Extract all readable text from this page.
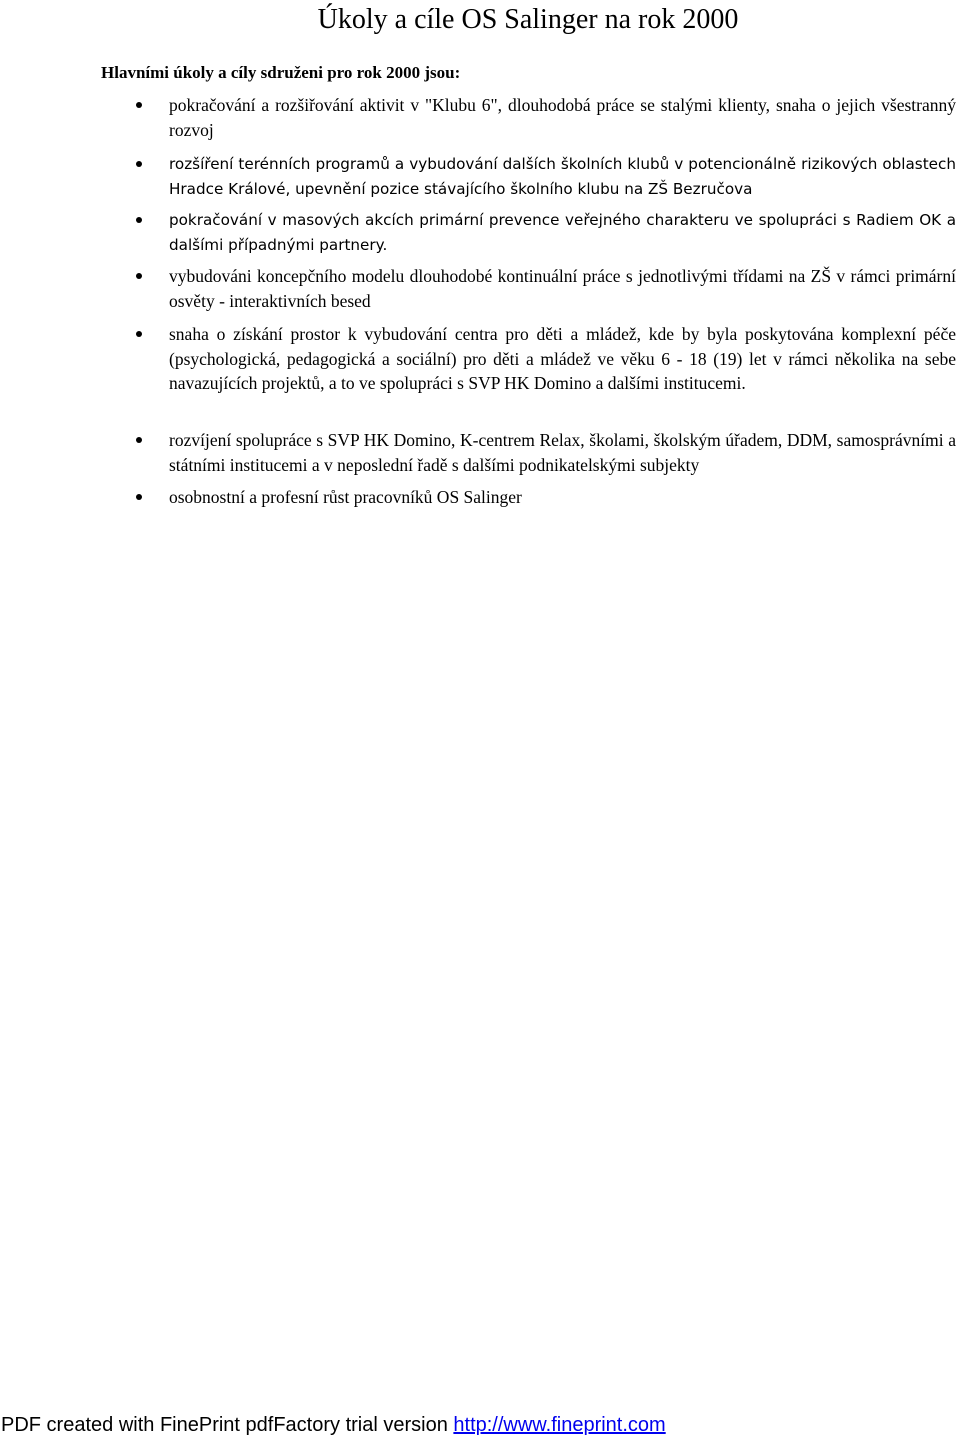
Úkoly a cíle OS Salinger na rok 2000

Hlavními úkoly a cíly sdruženi pro rok 2000 jsou:

pokračování a rozšiřování aktivit v "Klubu 6", dlouhodobá práce se stalými klienty, snaha o jejich všestranný rozvoj
rozšíření terénních programů a vybudování dalších školních klubů v potencionálně rizikových oblastech Hradce Králové, upevnění pozice stávajícího školního klubu na ZŠ Bezručova
pokračování v masových akcích primární prevence veřejného charakteru ve spolupráci s Radiem OK a dalšími případnými partnery.
vybudováni koncepčního modelu dlouhodobé kontinuální práce s jednotlivými třídami na ZŠ v rámci primární osvěty - interaktivních besed
snaha o získání prostor k vybudování centra pro děti a mládež, kde by byla poskytována komplexní péče (psychologická, pedagogická a sociální) pro děti a mládež ve věku 6 - 18 (19) let v rámci několika na sebe navazujících projektů, a to ve spolupráci s SVP HK Domino a dalšími institucemi.
rozvíjení spolupráce s SVP HK Domino, K-centrem Relax, školami, školským úřadem, DDM, samosprávními a státními institucemi a v neposlední řadě s dalšími podnikatelskými subjekty
osobnostní a profesní růst pracovníků OS Salinger
PDF created with FinePrint pdfFactory trial version http://www.fineprint.com
